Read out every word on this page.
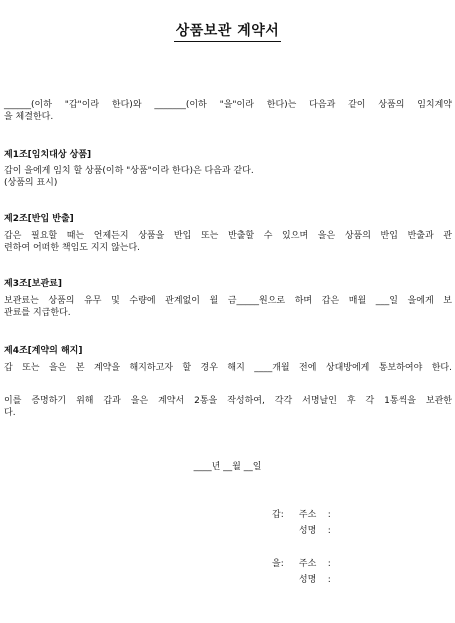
상품보관 계약서

______(이하 "갑"이라 한다)와 _______(이하 "을"이라 한다)는 다음과 같이 상품의 임치계약
을 체결한다.

제1조[임치대상 상품]

갑이 을에게 임치 할 상품(이하 "상품"이라 한다)은 다음과 같다.
(상품의 표시)

제2조[반입 반출]

갑은 필요할 때는 언제든지 상품을 반입 또는 반출할 수 있으며 을은 상품의 반입 반출과 관
련하여 어떠한 책임도 지지 않는다.

제3조[보관료]

보관료는 상품의 유무 및 수량에 관계없이 월 금_____원으로 하며 갑은 매월 ___일 을에게 보
관료를 지급한다.

제4조[계약의 해지]

갑 또는 을은 본 계약을 해지하고자 할 경우 해지 ____개월 전에 상대방에게 통보하여야 한다.

이를 증명하기 위해 갑과 을은 계약서 2통을 작성하여, 각각 서명날인 후 각 1통씩을 보관한
다.

____년 __월 __일
갑: 주소 :
성명 :
을: 주소 :
성명 :
